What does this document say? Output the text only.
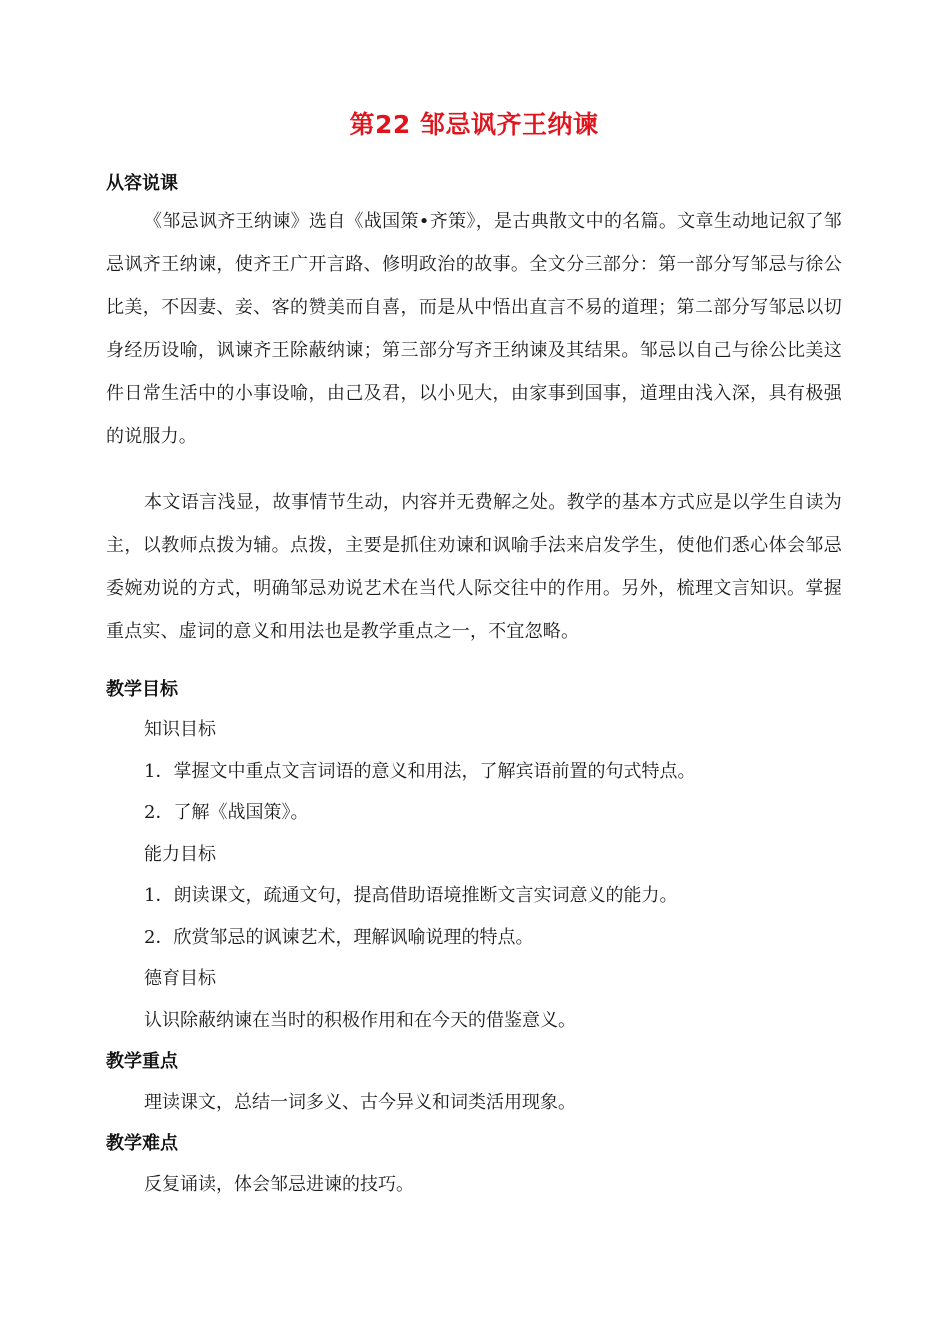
第22 邹忌讽齐王纳谏
从容说课
《邹忌讽齐王纳谏》选自《战国策•齐策》，是古典散文中的名篇。文章生动地记叙了邹忌讽齐王纳谏，使齐王广开言路、修明政治的故事。全文分三部分：第一部分写邹忌与徐公比美，不因妻、妾、客的赞美而自喜，而是从中悟出直言不易的道理；第二部分写邹忌以切身经历设喻，讽谏齐王除蔽纳谏；第三部分写齐王纳谏及其结果。邹忌以自己与徐公比美这件日常生活中的小事设喻，由己及君，以小见大，由家事到国事，道理由浅入深，具有极强的说服力。
本文语言浅显，故事情节生动，内容并无费解之处。教学的基本方式应是以学生自读为主，以教师点拨为辅。点拨，主要是抓住劝谏和讽喻手法来启发学生，使他们悉心体会邹忌委婉劝说的方式，明确邹忌劝说艺术在当代人际交往中的作用。另外，梳理文言知识。掌握重点实、虚词的意义和用法也是教学重点之一，不宜忽略。
教学目标
知识目标
1．掌握文中重点文言词语的意义和用法，了解宾语前置的句式特点。
2．了解《战国策》。
能力目标
1．朗读课文，疏通文句，提高借助语境推断文言实词意义的能力。
2．欣赏邹忌的讽谏艺术，理解讽喻说理的特点。
德育目标
认识除蔽纳谏在当时的积极作用和在今天的借鉴意义。
教学重点
理读课文，总结一词多义、古今异义和词类活用现象。
教学难点
反复诵读，体会邹忌进谏的技巧。
